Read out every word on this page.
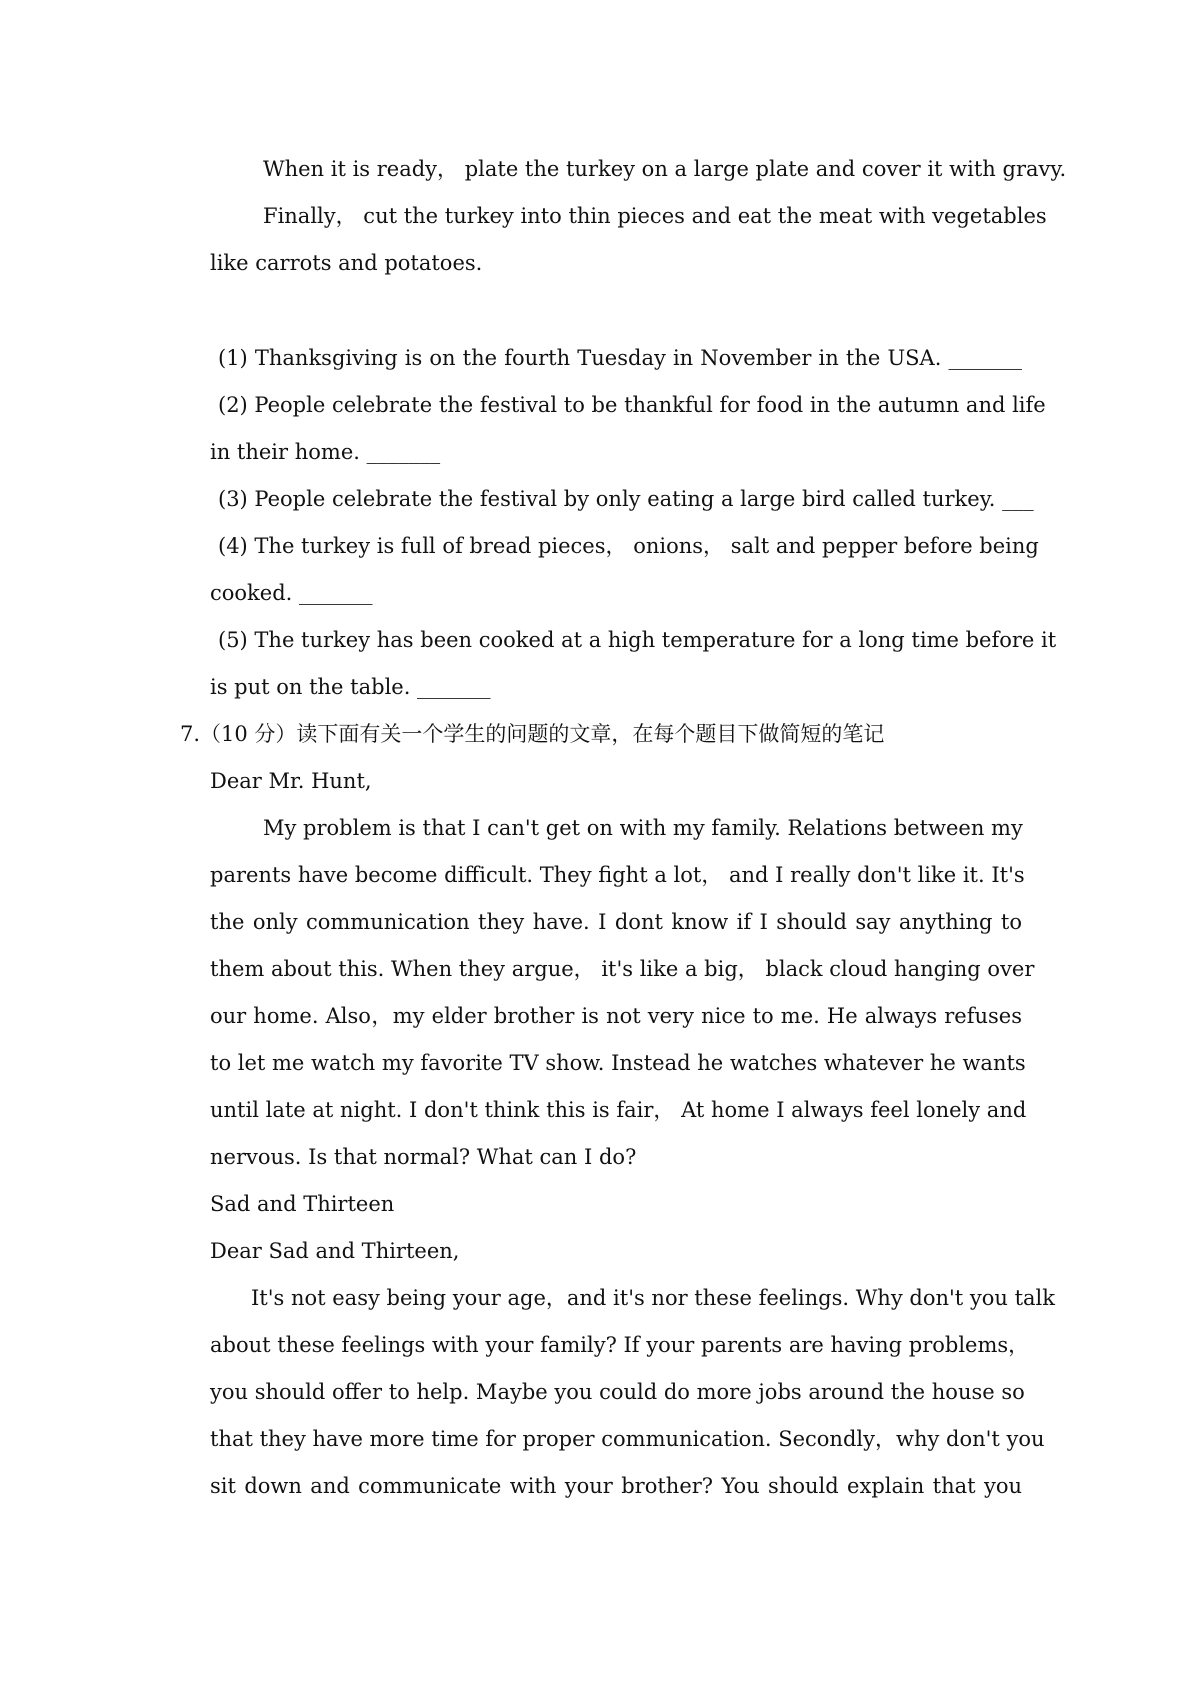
When it is ready， plate the turkey on a large plate and cover it with gravy.
Finally， cut the turkey into thin pieces and eat the meat with vegetables
like carrots and potatoes.
(1) Thanksgiving is on the fourth Tuesday in November in the USA. _______
(2) People celebrate the festival to be thankful for food in the autumn and life
in their home. _______
(3) People celebrate the festival by only eating a large bird called turkey. ___
(4) The turkey is full of bread pieces， onions， salt and pepper before being
cooked. _______
(5) The turkey has been cooked at a high temperature for a long time before it
is put on the table. _______
7.（10 分）读下面有关一个学生的问题的文章，在每个题目下做简短的笔记
Dear Mr. Hunt,
My problem is that I can't get on with my family. Relations between my
parents have become difficult. They fight a lot， and I really don't like it. It's
the only communication they have. I dont know if I should say anything to
them about this. When they argue， it's like a big， black cloud hanging over
our home. Also，my elder brother is not very nice to me. He always refuses
to let me watch my favorite TV show. Instead he watches whatever he wants
until late at night. I don't think this is fair， At home I always feel lonely and
nervous. Is that normal? What can I do?
Sad and Thirteen
Dear Sad and Thirteen,
It's not easy being your age，and it's nor these feelings. Why don't you talk
about these feelings with your family? If your parents are having problems，
you should offer to help. Maybe you could do more jobs around the house so
that they have more time for proper communication. Secondly，why don't you
sit down and communicate with your brother? You should explain that you
